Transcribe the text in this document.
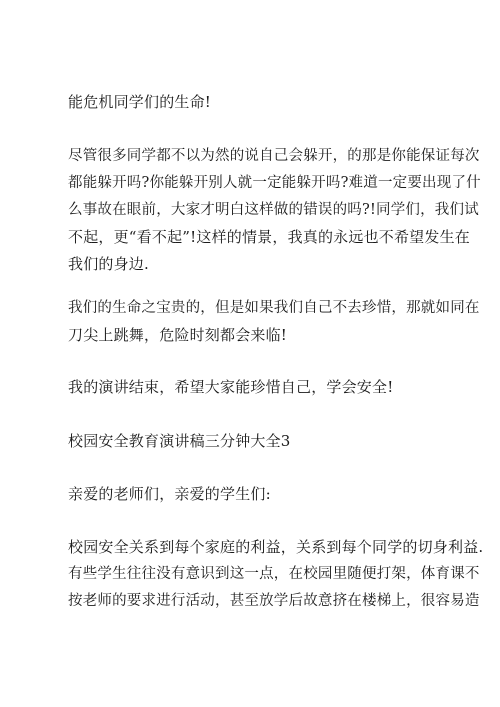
能危机同学们的生命!
尽管很多同学都不以为然的说自己会躲开，的那是你能保证每次
都能躲开吗?你能躲开别人就一定能躲开吗?难道一定要出现了什
么事故在眼前，大家才明白这样做的错误的吗?!同学们，我们试
不起，更“看不起”!这样的情景，我真的永远也不希望发生在
我们的身边.
我们的生命之宝贵的，但是如果我们自己不去珍惜，那就如同在
刀尖上跳舞，危险时刻都会来临!
我的演讲结束，希望大家能珍惜自己，学会安全!
校园安全教育演讲稿三分钟大全3
亲爱的老师们，亲爱的学生们:
校园安全关系到每个家庭的利益，关系到每个同学的切身利益.
有些学生往往没有意识到这一点，在校园里随便打架，体育课不
按老师的要求进行活动，甚至放学后故意挤在楼梯上，很容易造
